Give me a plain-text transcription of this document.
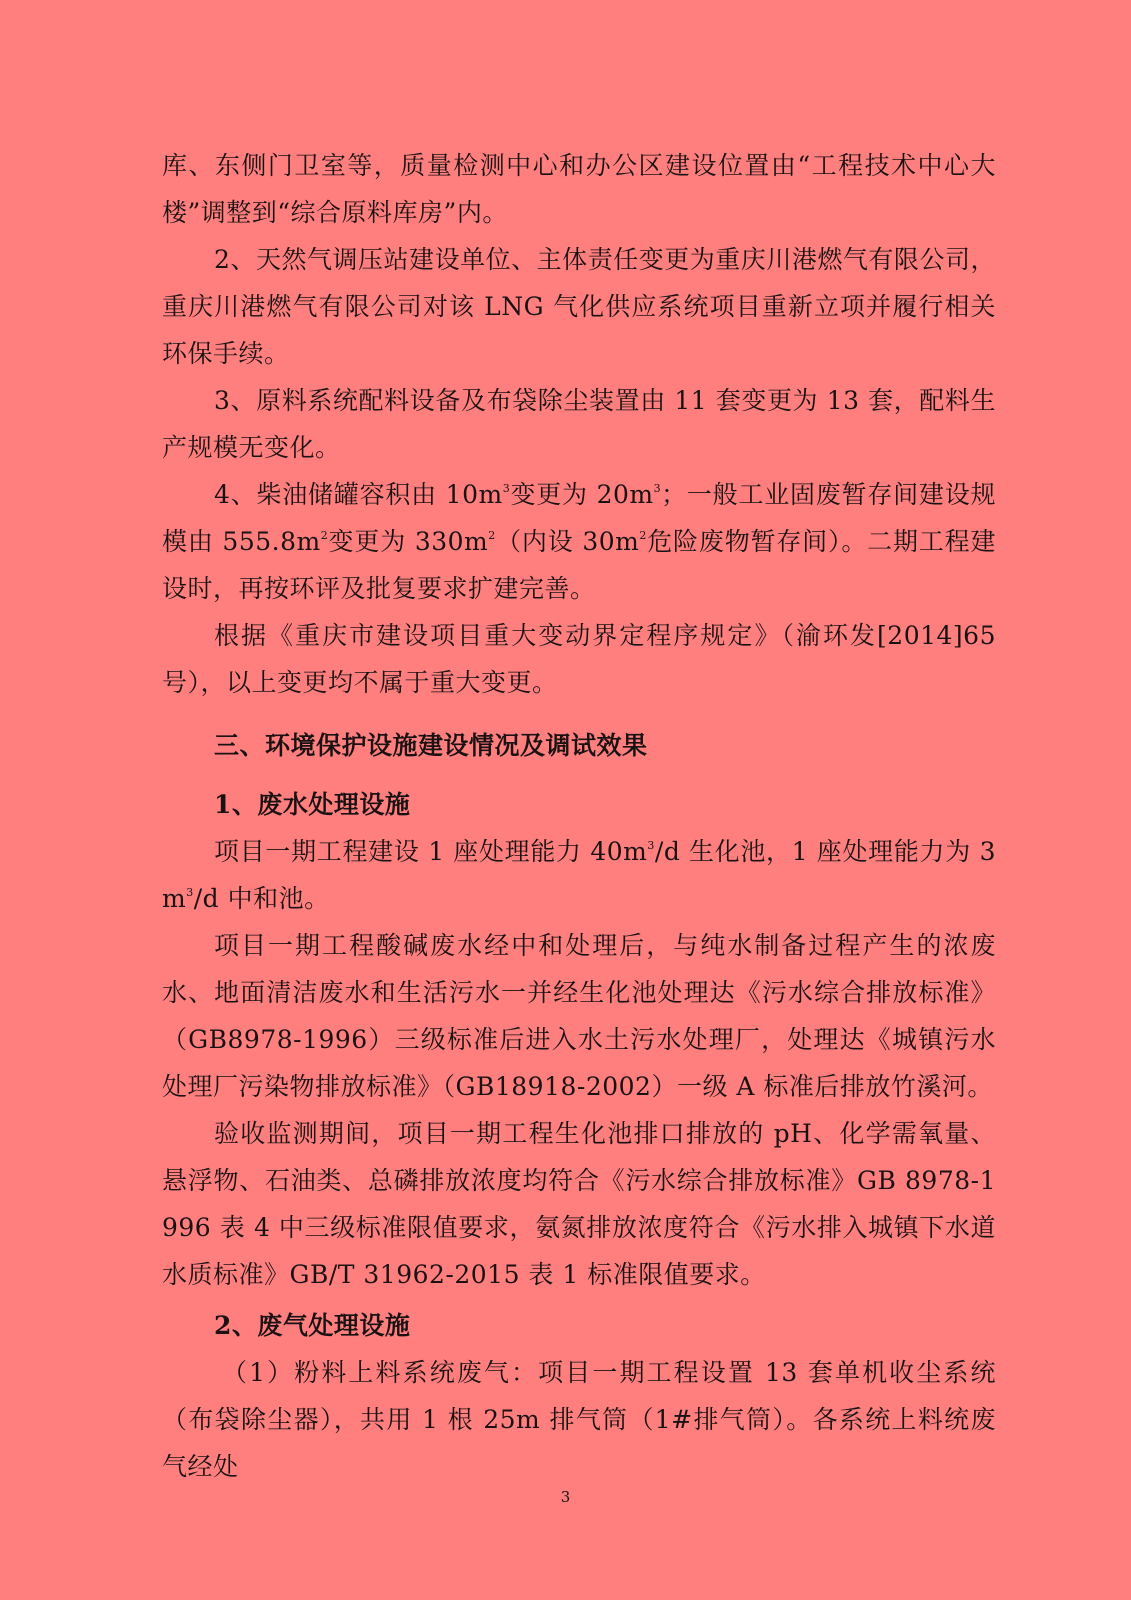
库、东侧门卫室等，质量检测中心和办公区建设位置由“工程技术中心大楼”调整到“综合原料库房”内。

2、天然气调压站建设单位、主体责任变更为重庆川港燃气有限公司，重庆川港燃气有限公司对该 LNG 气化供应系统项目重新立项并履行相关环保手续。

3、原料系统配料设备及布袋除尘装置由 11 套变更为 13 套，配料生产规模无变化。

4、柴油储罐容积由 $10m^3$变更为 $20m^3$；一般工业固废暂存间建设规模由 $555.8m^2$变更为 $330m^2$（内设 $30m^2$危险废物暂存间）。二期工程建设时，再按环评及批复要求扩建完善。

根据《重庆市建设项目重大变动界定程序规定》（渝环发[2014]65号），以上变更均不属于重大变更。

三、环境保护设施建设情况及调试效果
1、废水处理设施

项目一期工程建设 1 座处理能力 $40m^3/d$ 生化池，1 座处理能力为 $3m^3/d$ 中和池。

项目一期工程酸碱废水经中和处理后，与纯水制备过程产生的浓废水、地面清洁废水和生活污水一并经生化池处理达《污水综合排放标准》（GB8978-1996）三级标准后进入水土污水处理厂，处理达《城镇污水处理厂污染物排放标准》（GB18918-2002）一级 A 标准后排放竹溪河。

验收监测期间，项目一期工程生化池排口排放的 pH、化学需氧量、悬浮物、石油类、总磷排放浓度均符合《污水综合排放标准》GB 8978-1996 表 4 中三级标准限值要求，氨氮排放浓度符合《污水排入城镇下水道水质标准》GB/T 31962-2015 表 1 标准限值要求。

2、废气处理设施

（1）粉料上料系统废气：项目一期工程设置 13 套单机收尘系统（布袋除尘器），共用 1 根 25m 排气筒（1#排气筒）。各系统上料统废气经处

3
